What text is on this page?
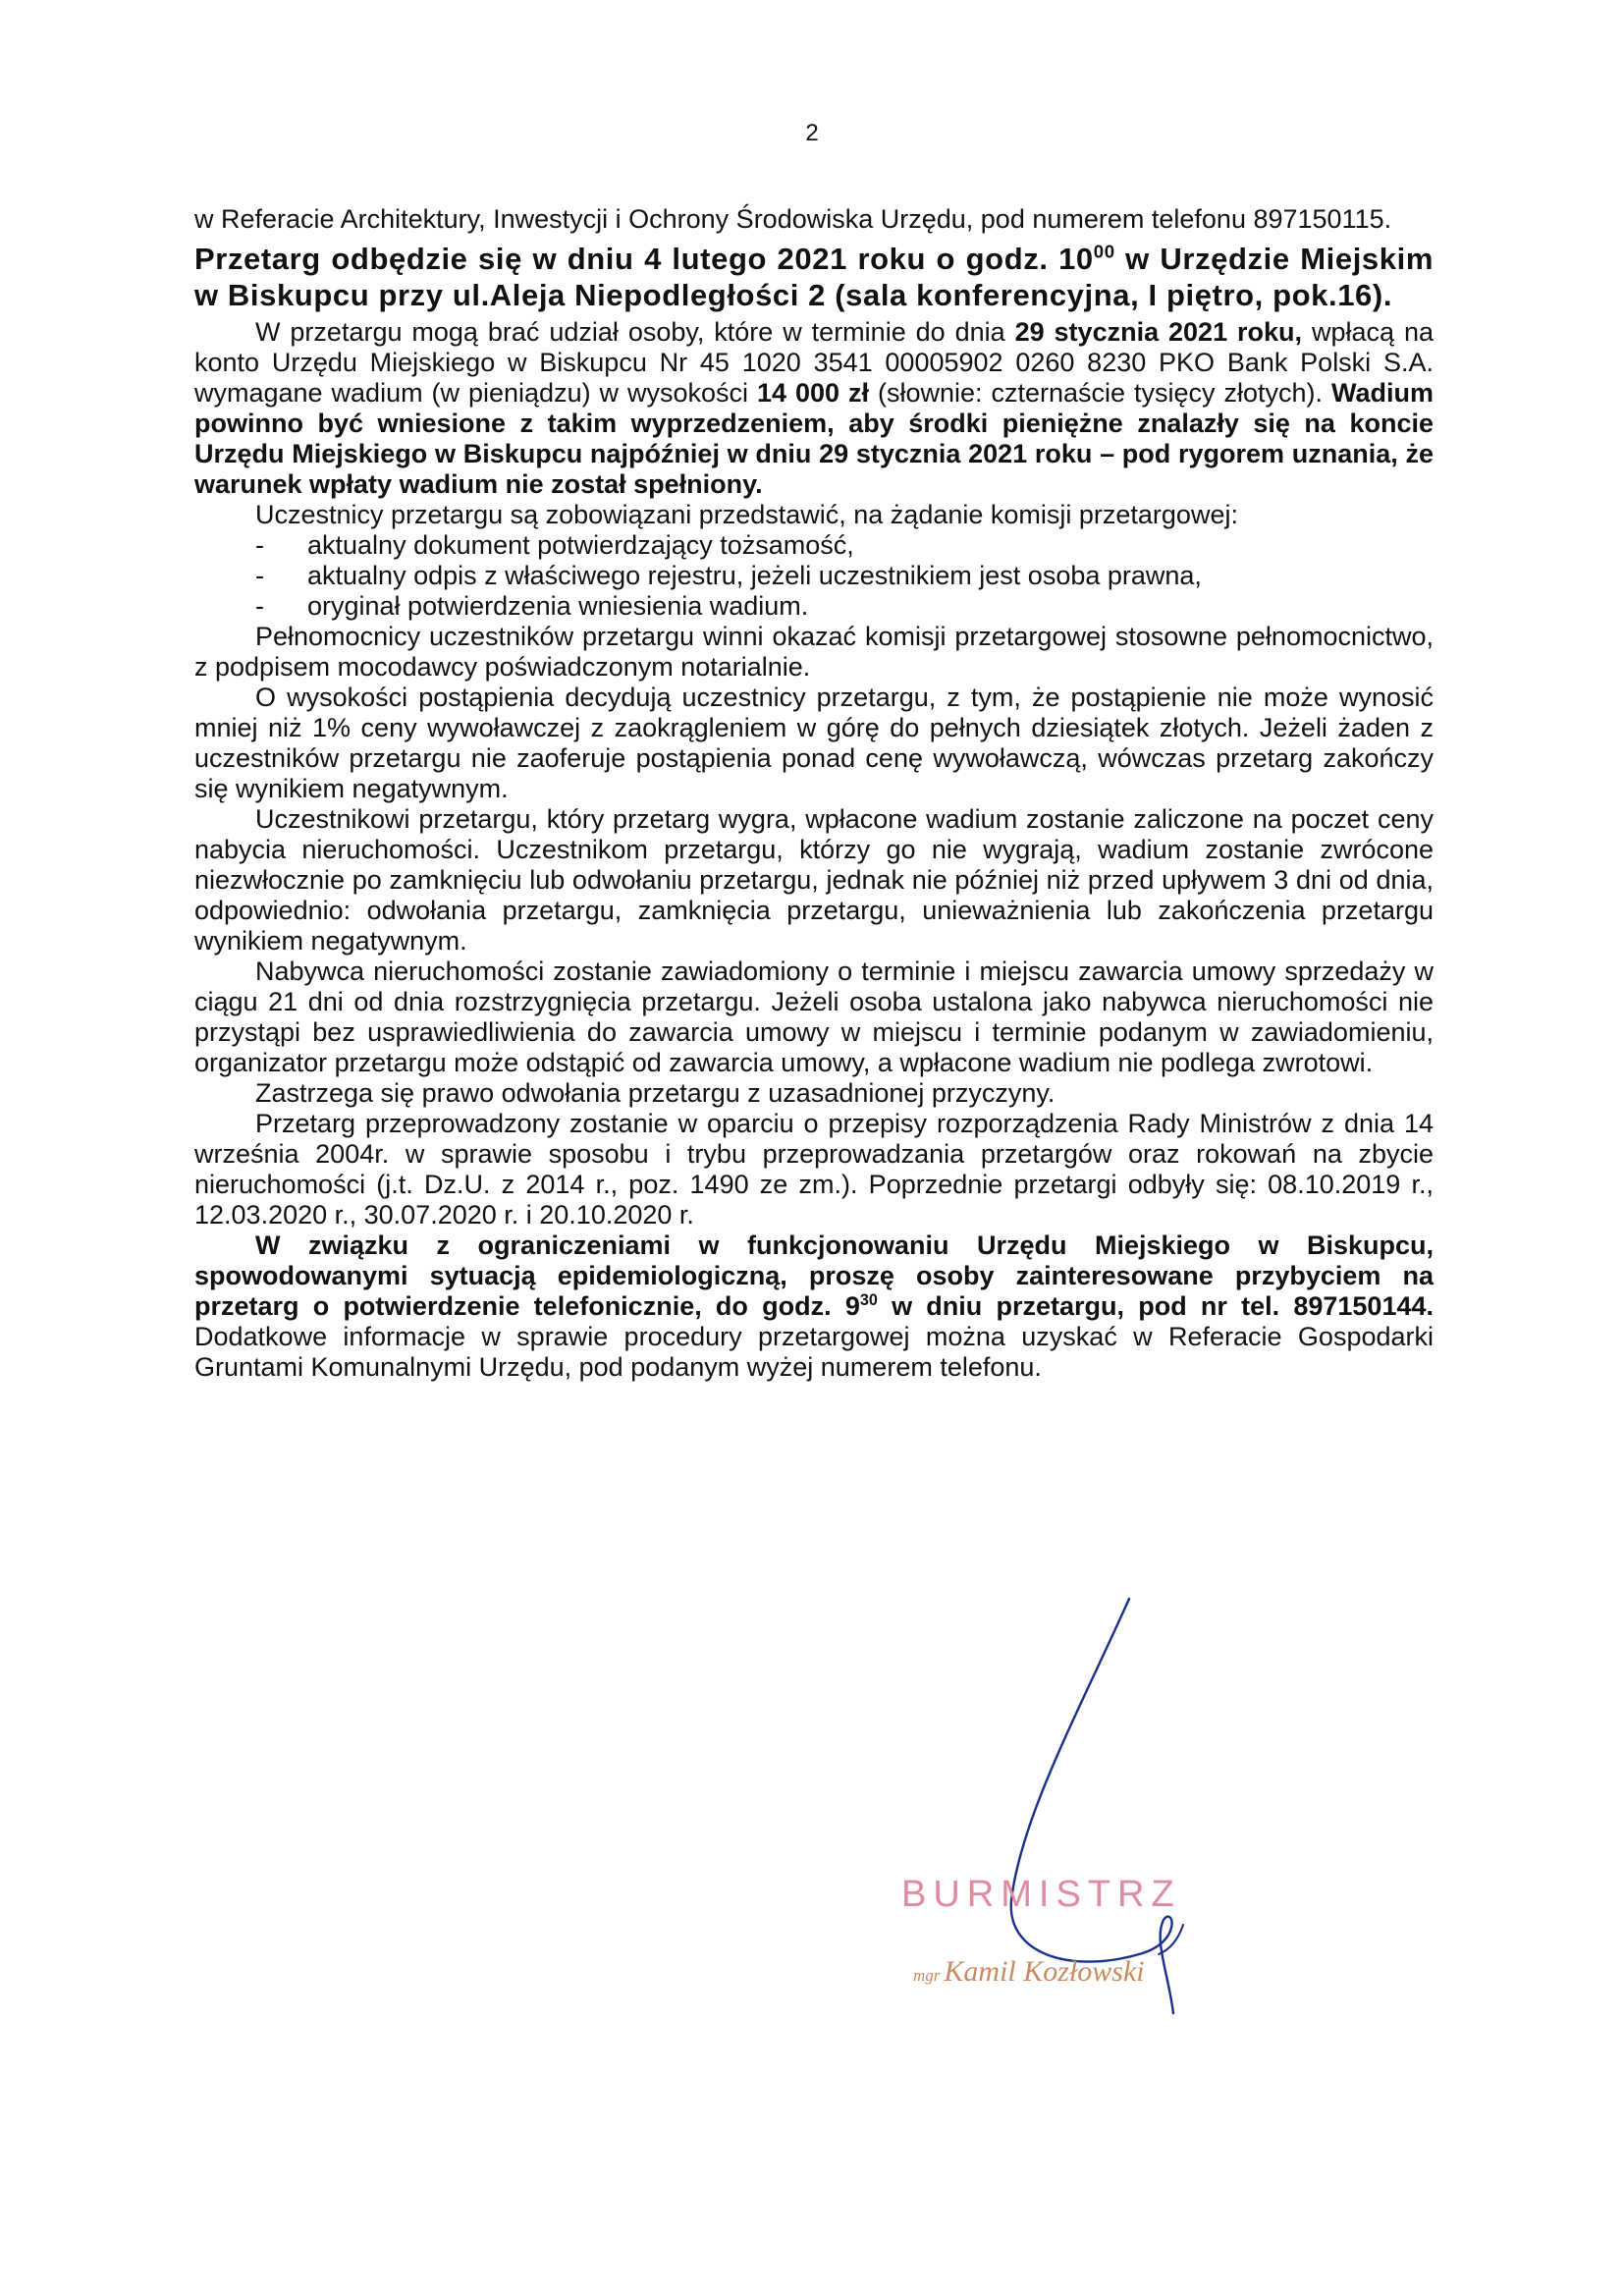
2

w Referacie Architektury, Inwestycji i Ochrony Środowiska Urzędu, pod numerem telefonu 897150115.

Przetarg odbędzie się w dniu 4 lutego 2021 roku o godz. $10^{00}$ w Urzędzie Miejskim w Biskupcu przy ul.Aleja Niepodległości 2 (sala konferencyjna, I piętro, pok.16).

W przetargu mogą brać udział osoby, które w terminie do dnia 29 stycznia 2021 roku, wpłacą na konto Urzędu Miejskiego w Biskupcu Nr 45 1020 3541 00005902 0260 8230 PKO Bank Polski S.A. wymagane wadium (w pieniądzu) w wysokości 14 000 zł (słownie: czternaście tysięcy złotych). Wadium powinno być wniesione z takim wyprzedzeniem, aby środki pieniężne znalazły się na koncie Urzędu Miejskiego w Biskupcu najpóźniej w dniu 29 stycznia 2021 roku – pod rygorem uznania, że warunek wpłaty wadium nie został spełniony.

Uczestnicy przetargu są zobowiązani przedstawić, na żądanie komisji przetargowej:

- aktualny dokument potwierdzający tożsamość,
- aktualny odpis z właściwego rejestru, jeżeli uczestnikiem jest osoba prawna,
- oryginał potwierdzenia wniesienia wadium.

Pełnomocnicy uczestników przetargu winni okazać komisji przetargowej stosowne pełnomocnictwo, z podpisem mocodawcy poświadczonym notarialnie.

O wysokości postąpienia decydują uczestnicy przetargu, z tym, że postąpienie nie może wynosić mniej niż 1% ceny wywoławczej z zaokrągleniem w górę do pełnych dziesiątek złotych. Jeżeli żaden z uczestników przetargu nie zaoferuje postąpienia ponad cenę wywoławczą, wówczas przetarg zakończy się wynikiem negatywnym.

Uczestnikowi przetargu, który przetarg wygra, wpłacone wadium zostanie zaliczone na poczet ceny nabycia nieruchomości. Uczestnikom przetargu, którzy go nie wygrają, wadium zostanie zwrócone niezwłocznie po zamknięciu lub odwołaniu przetargu, jednak nie później niż przed upływem 3 dni od dnia, odpowiednio: odwołania przetargu, zamknięcia przetargu, unieważnienia lub zakończenia przetargu wynikiem negatywnym.

Nabywca nieruchomości zostanie zawiadomiony o terminie i miejscu zawarcia umowy sprzedaży w ciągu 21 dni od dnia rozstrzygnięcia przetargu. Jeżeli osoba ustalona jako nabywca nieruchomości nie przystąpi bez usprawiedliwienia do zawarcia umowy w miejscu i terminie podanym w zawiadomieniu, organizator przetargu może odstąpić od zawarcia umowy, a wpłacone wadium nie podlega zwrotowi.

Zastrzega się prawo odwołania przetargu z uzasadnionej przyczyny.

Przetarg przeprowadzony zostanie w oparciu o przepisy rozporządzenia Rady Ministrów z dnia 14 września 2004r. w sprawie sposobu i trybu przeprowadzania przetargów oraz rokowań na zbycie nieruchomości (j.t. Dz.U. z 2014 r., poz. 1490 ze zm.). Poprzednie przetargi odbyły się: 08.10.2019 r., 12.03.2020 r., 30.07.2020 r. i 20.10.2020 r.

W związku z ograniczeniami w funkcjonowaniu Urzędu Miejskiego w Biskupcu, spowodowanymi sytuacją epidemiologiczną, proszę osoby zainteresowane przybyciem na przetarg o potwierdzenie telefonicznie, do godz. $9^{30}$ w dniu przetargu, pod nr tel. 897150144. Dodatkowe informacje w sprawie procedury przetargowej można uzyskać w Referacie Gospodarki Gruntami Komunalnymi Urzędu, pod podanym wyżej numerem telefonu.

BURMISTRZ
mgr Kamil Kozłowski
